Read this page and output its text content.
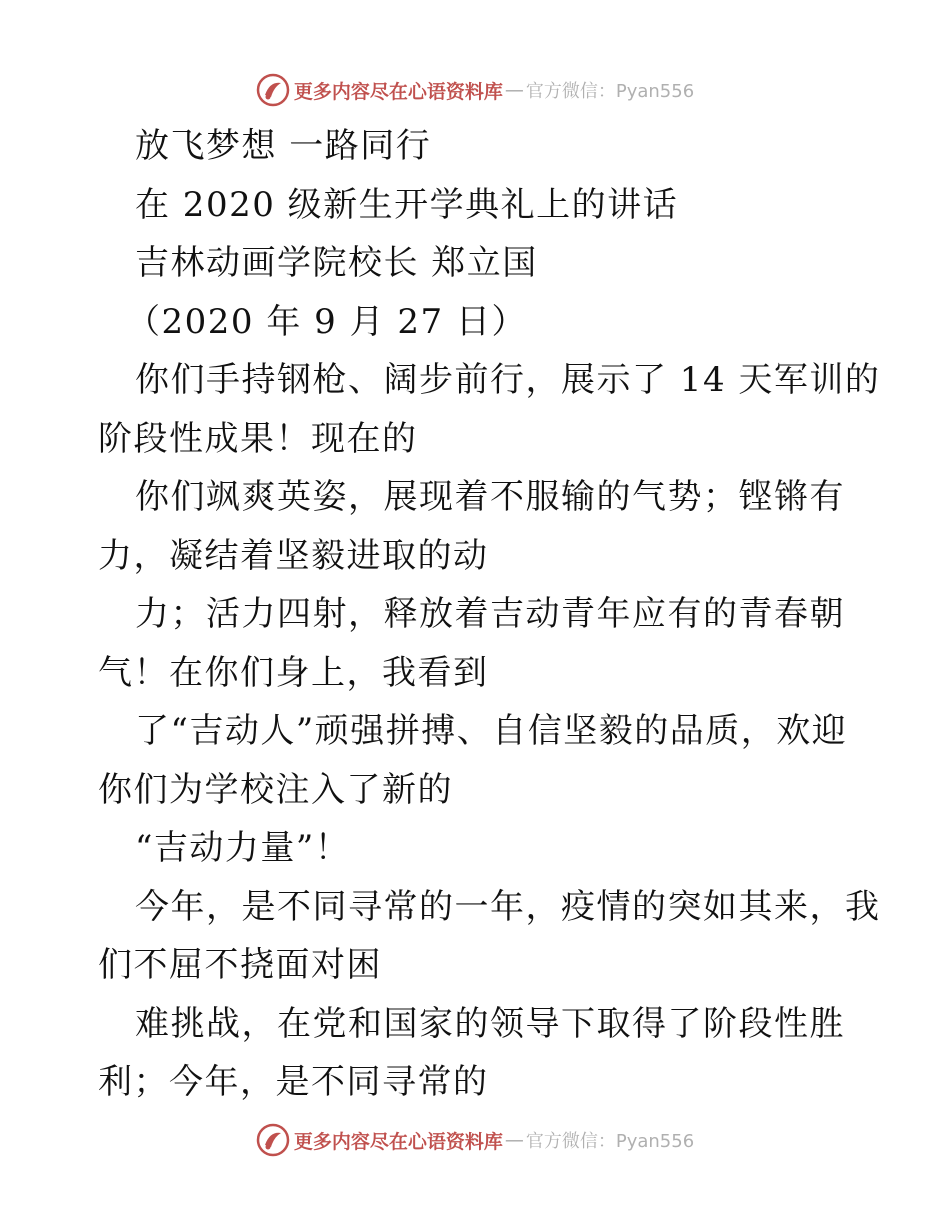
更多内容尽在心语资料库 — 官方微信：Pyan556
放飞梦想 一路同行
在 2020 级新生开学典礼上的讲话
吉林动画学院校长 郑立国
（2020 年 9 月 27 日）
你们手持钢枪、阔步前行，展示了 14 天军训的
阶段性成果！现在的
你们飒爽英姿，展现着不服输的气势；铿锵有
力，凝结着坚毅进取的动
力；活力四射，释放着吉动青年应有的青春朝
气！在你们身上，我看到
了“吉动人”顽强拼搏、自信坚毅的品质，欢迎
你们为学校注入了新的
“吉动力量”！
今年，是不同寻常的一年，疫情的突如其来，我
们不屈不挠面对困
难挑战，在党和国家的领导下取得了阶段性胜
利；今年，是不同寻常的
更多内容尽在心语资料库 — 官方微信：Pyan556
